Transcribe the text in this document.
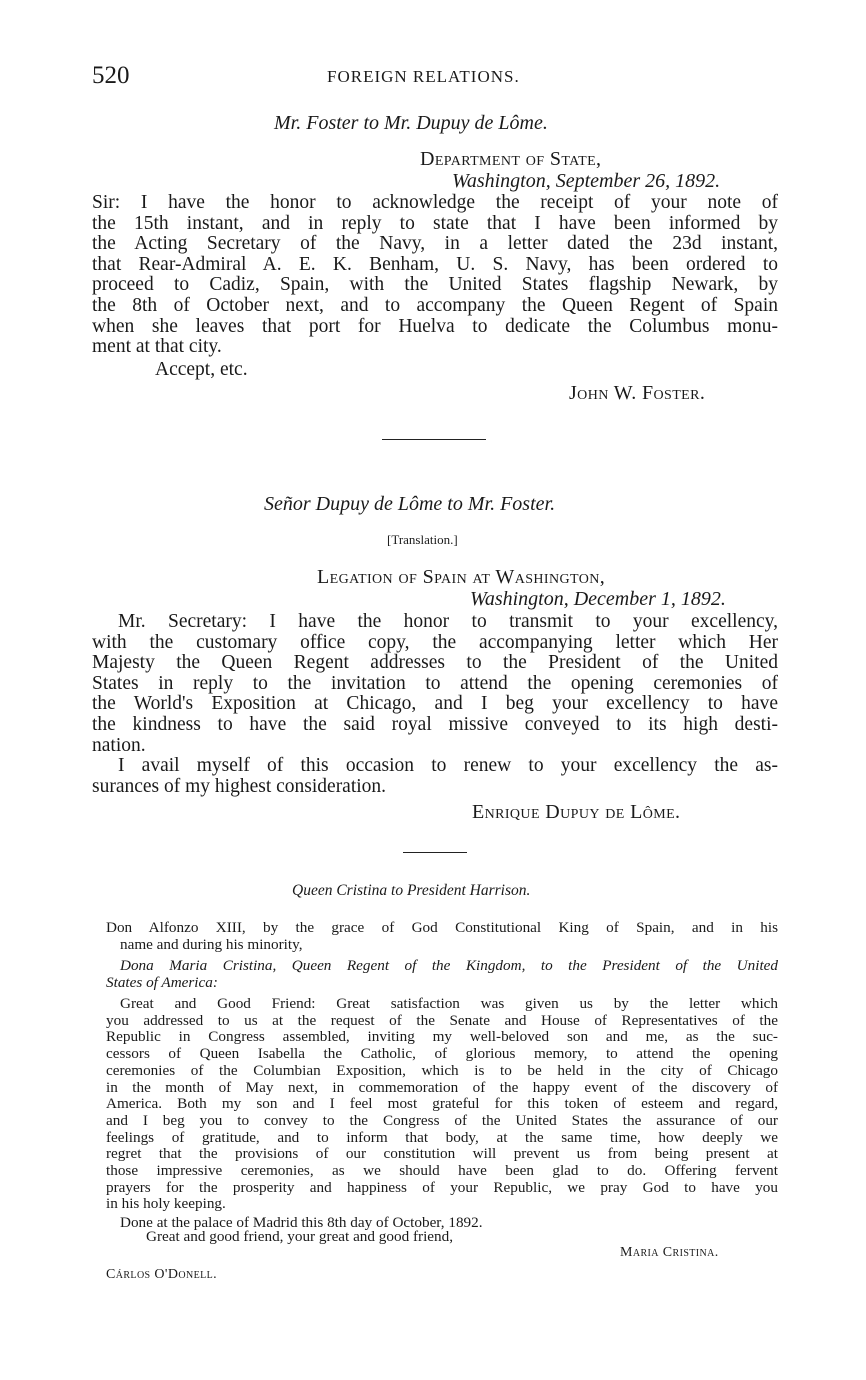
520	FOREIGN RELATIONS.
Mr. Foster to Mr. Dupuy de Lôme.
Department of State,
Washington, September 26, 1892.
Sir: I have the honor to acknowledge the receipt of your note of
the 15th instant, and in reply to state that I have been informed by
the Acting Secretary of the Navy, in a letter dated the 23d instant,
that Rear-Admiral A. E. K. Benham, U. S. Navy, has been ordered to
proceed to Cadiz, Spain, with the United States flagship Newark, by
the 8th of October next, and to accompany the Queen Regent of Spain
when she leaves that port for Huelva to dedicate the Columbus monu-
ment at that city.
Accept, etc.
John W. Foster.
Señor Dupuy de Lôme to Mr. Foster.
[Translation.]
Legation of Spain at Washington,
Washington, December 1, 1892.
Mr. Secretary: I have the honor to transmit to your excellency,
with the customary office copy, the accompanying letter which Her
Majesty the Queen Regent addresses to the President of the United
States in reply to the invitation to attend the opening ceremonies of
the World's Exposition at Chicago, and I beg your excellency to have
the kindness to have the said royal missive conveyed to its high desti-
nation.
I avail myself of this occasion to renew to your excellency the as-
surances of my highest consideration.
Enrique Dupuy de Lôme.
Queen Cristina to President Harrison.
Don Alfonzo XIII, by the grace of God Constitutional King of Spain, and in his
name and during his minority,
Dona Maria Cristina, Queen Regent of the Kingdom, to the President of the United
States of America:
Great and Good Friend: Great satisfaction was given us by the letter which
you addressed to us at the request of the Senate and House of Representatives of the
Republic in Congress assembled, inviting my well-beloved son and me, as the suc-
cessors of Queen Isabella the Catholic, of glorious memory, to attend the opening
ceremonies of the Columbian Exposition, which is to be held in the city of Chicago
in the month of May next, in commemoration of the happy event of the discovery of
America. Both my son and I feel most grateful for this token of esteem and regard,
and I beg you to convey to the Congress of the United States the assurance of our
feelings of gratitude, and to inform that body, at the same time, how deeply we
regret that the provisions of our constitution will prevent us from being present at
those impressive ceremonies, as we should have been glad to do. Offering fervent
prayers for the prosperity and happiness of your Republic, we pray God to have you
in his holy keeping.
Done at the palace of Madrid this 8th day of October, 1892.
Great and good friend, your great and good friend,
Maria Cristina.
Cárlos O'Donell.
